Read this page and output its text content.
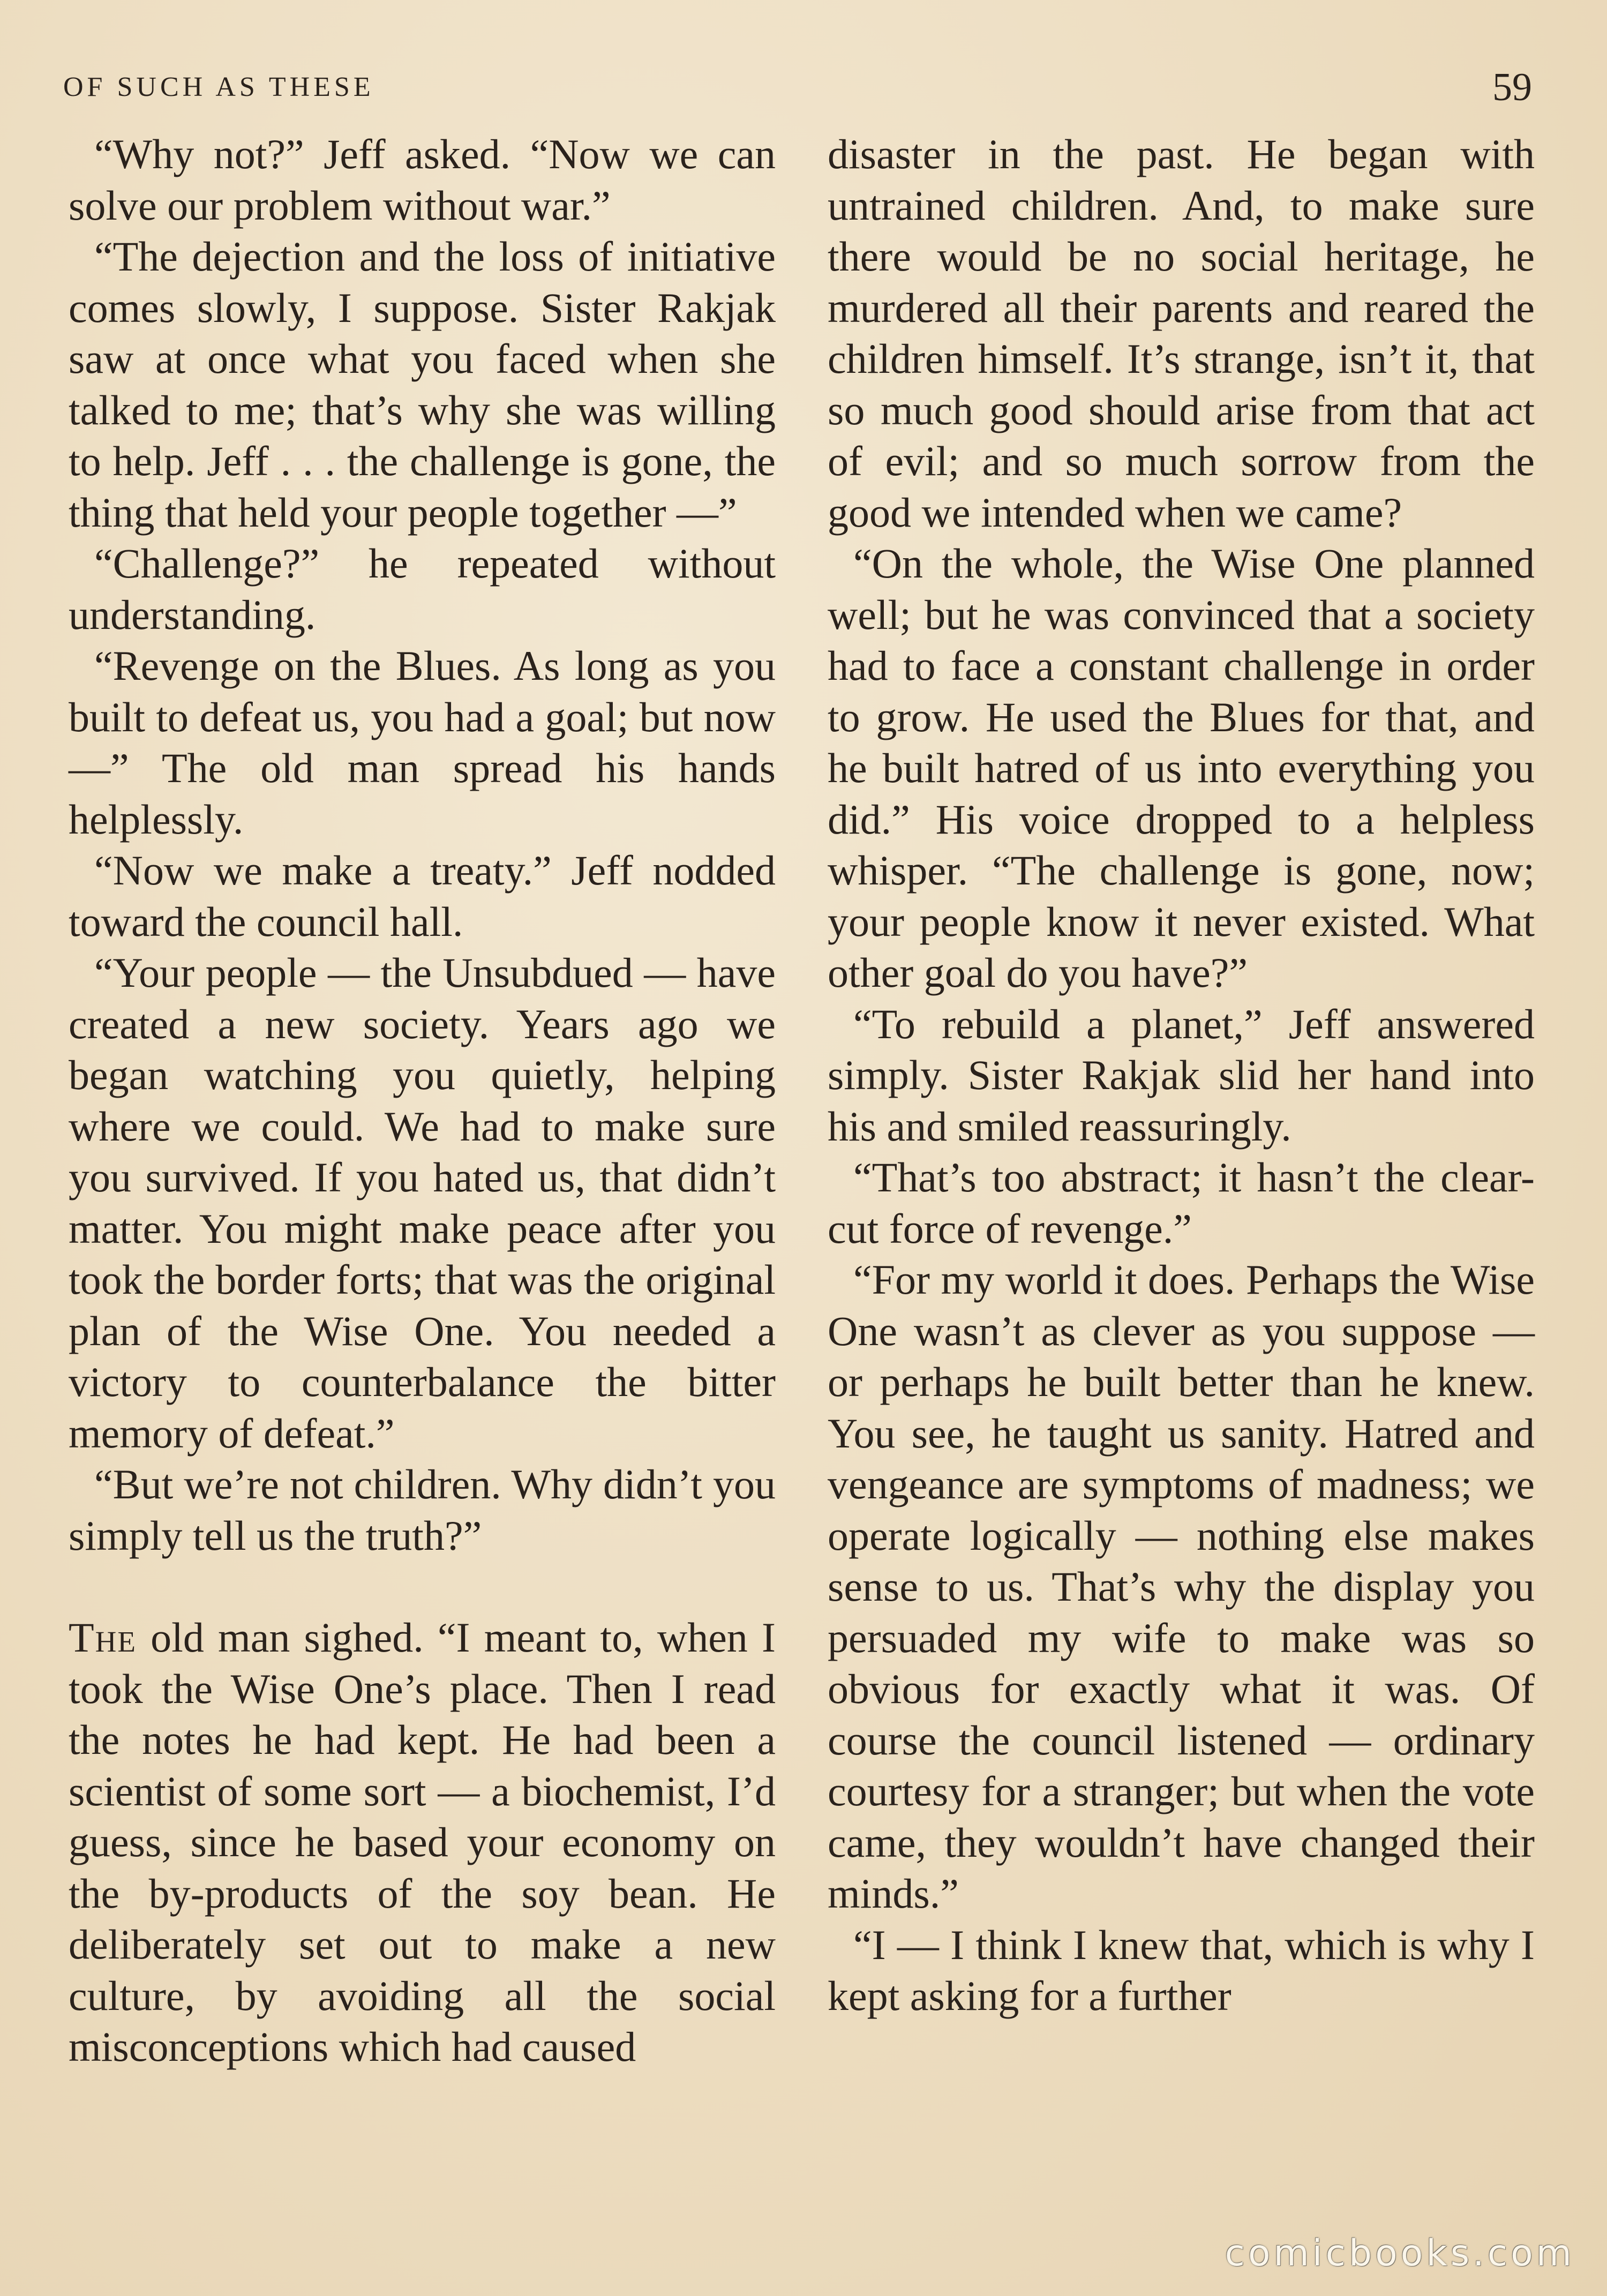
OF SUCH AS THESE	59

“Why not?” Jeff asked. “Now we can solve our problem without war.”

“The dejection and the loss of initiative comes slowly, I suppose. Sister Rakjak saw at once what you faced when she talked to me; that’s why she was willing to help. Jeff . . . the challenge is gone, the thing that held your people together —”

“Challenge?” he repeated without understanding.

“Revenge on the Blues. As long as you built to defeat us, you had a goal; but now —” The old man spread his hands helplessly.

“Now we make a treaty.” Jeff nodded toward the council hall.

“Your people — the Unsubdued — have created a new society. Years ago we began watching you quietly, helping where we could. We had to make sure you survived. If you hated us, that didn’t matter. You might make peace after you took the border forts; that was the original plan of the Wise One. You needed a victory to counterbalance the bitter memory of defeat.”

“But we’re not children. Why didn’t you simply tell us the truth?”

The old man sighed. “I meant to, when I took the Wise One’s place. Then I read the notes he had kept. He had been a scientist of some sort — a biochemist, I’d guess, since he based your economy on the by-products of the soy bean. He deliberately set out to make a new culture, by avoiding all the social misconceptions which had caused

disaster in the past. He began with untrained children. And, to make sure there would be no social heritage, he murdered all their parents and reared the children himself. It’s strange, isn’t it, that so much good should arise from that act of evil; and so much sorrow from the good we intended when we came?

“On the whole, the Wise One planned well; but he was convinced that a society had to face a constant challenge in order to grow. He used the Blues for that, and he built hatred of us into everything you did.” His voice dropped to a helpless whisper. “The challenge is gone, now; your people know it never existed. What other goal do you have?”

“To rebuild a planet,” Jeff answered simply. Sister Rakjak slid her hand into his and smiled reassuringly.

“That’s too abstract; it hasn’t the clear-cut force of revenge.”

“For my world it does. Perhaps the Wise One wasn’t as clever as you suppose — or perhaps he built better than he knew. You see, he taught us sanity. Hatred and vengeance are symptoms of madness; we operate logically — nothing else makes sense to us. That’s why the display you persuaded my wife to make was so obvious for exactly what it was. Of course the council listened — ordinary courtesy for a stranger; but when the vote came, they wouldn’t have changed their minds.”

“I — I think I knew that, which is why I kept asking for a further

comicbooks.com
